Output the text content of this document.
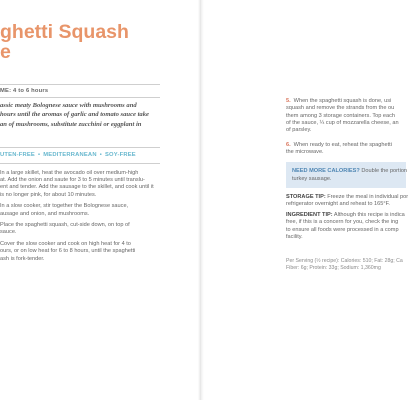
ghetti Squash
e
ME: 4 to 6 hours

assic meaty Bolognese sauce with mushrooms and
hours until the aromas of garlic and tomato sauce take
an of mushrooms, substitute zucchini or eggplant in

UTEN-FREE • MEDITERRANEAN • SOY-FREE
In a large skillet, heat the avocado oil over medium-high
at. Add the onion and saute for 3 to 5 minutes until translu-
ent and tender. Add the sausage to the skillet, and cook until it
is no longer pink, for about 10 minutes.
In a slow cooker, stir together the Bolognese sauce,
ausage and onion, and mushrooms.
Place the spaghetti squash, cut-side down, on top of
sauce.
Cover the slow cooker and cook on high heat for 4 to
ours, or on low heat for 6 to 8 hours, until the spaghetti
ash is fork-tender.
5. When the spaghetti squash is done, usi
squash and remove the strands from the ou
them among 3 storage containers. Top each
of the sauce, ¼ cup of mozzarella cheese, an
of parsley.
6. When ready to eat, reheat the spaghetti
the microwave.
NEED MORE CALORIES? Double the portion
turkey sausage.
STORAGE TIP: Freeze the meal in individual por
refrigerator overnight and reheat to 165°F.
INGREDIENT TIP: Although this recipe is indica
free, if this is a concern for you, check the ing
to ensure all foods were processed in a comp
facility.
Per Serving (½ recipe): Calories: 510; Fat: 28g; Ca
Fiber: 6g; Protein: 33g; Sodium: 1,360mg
